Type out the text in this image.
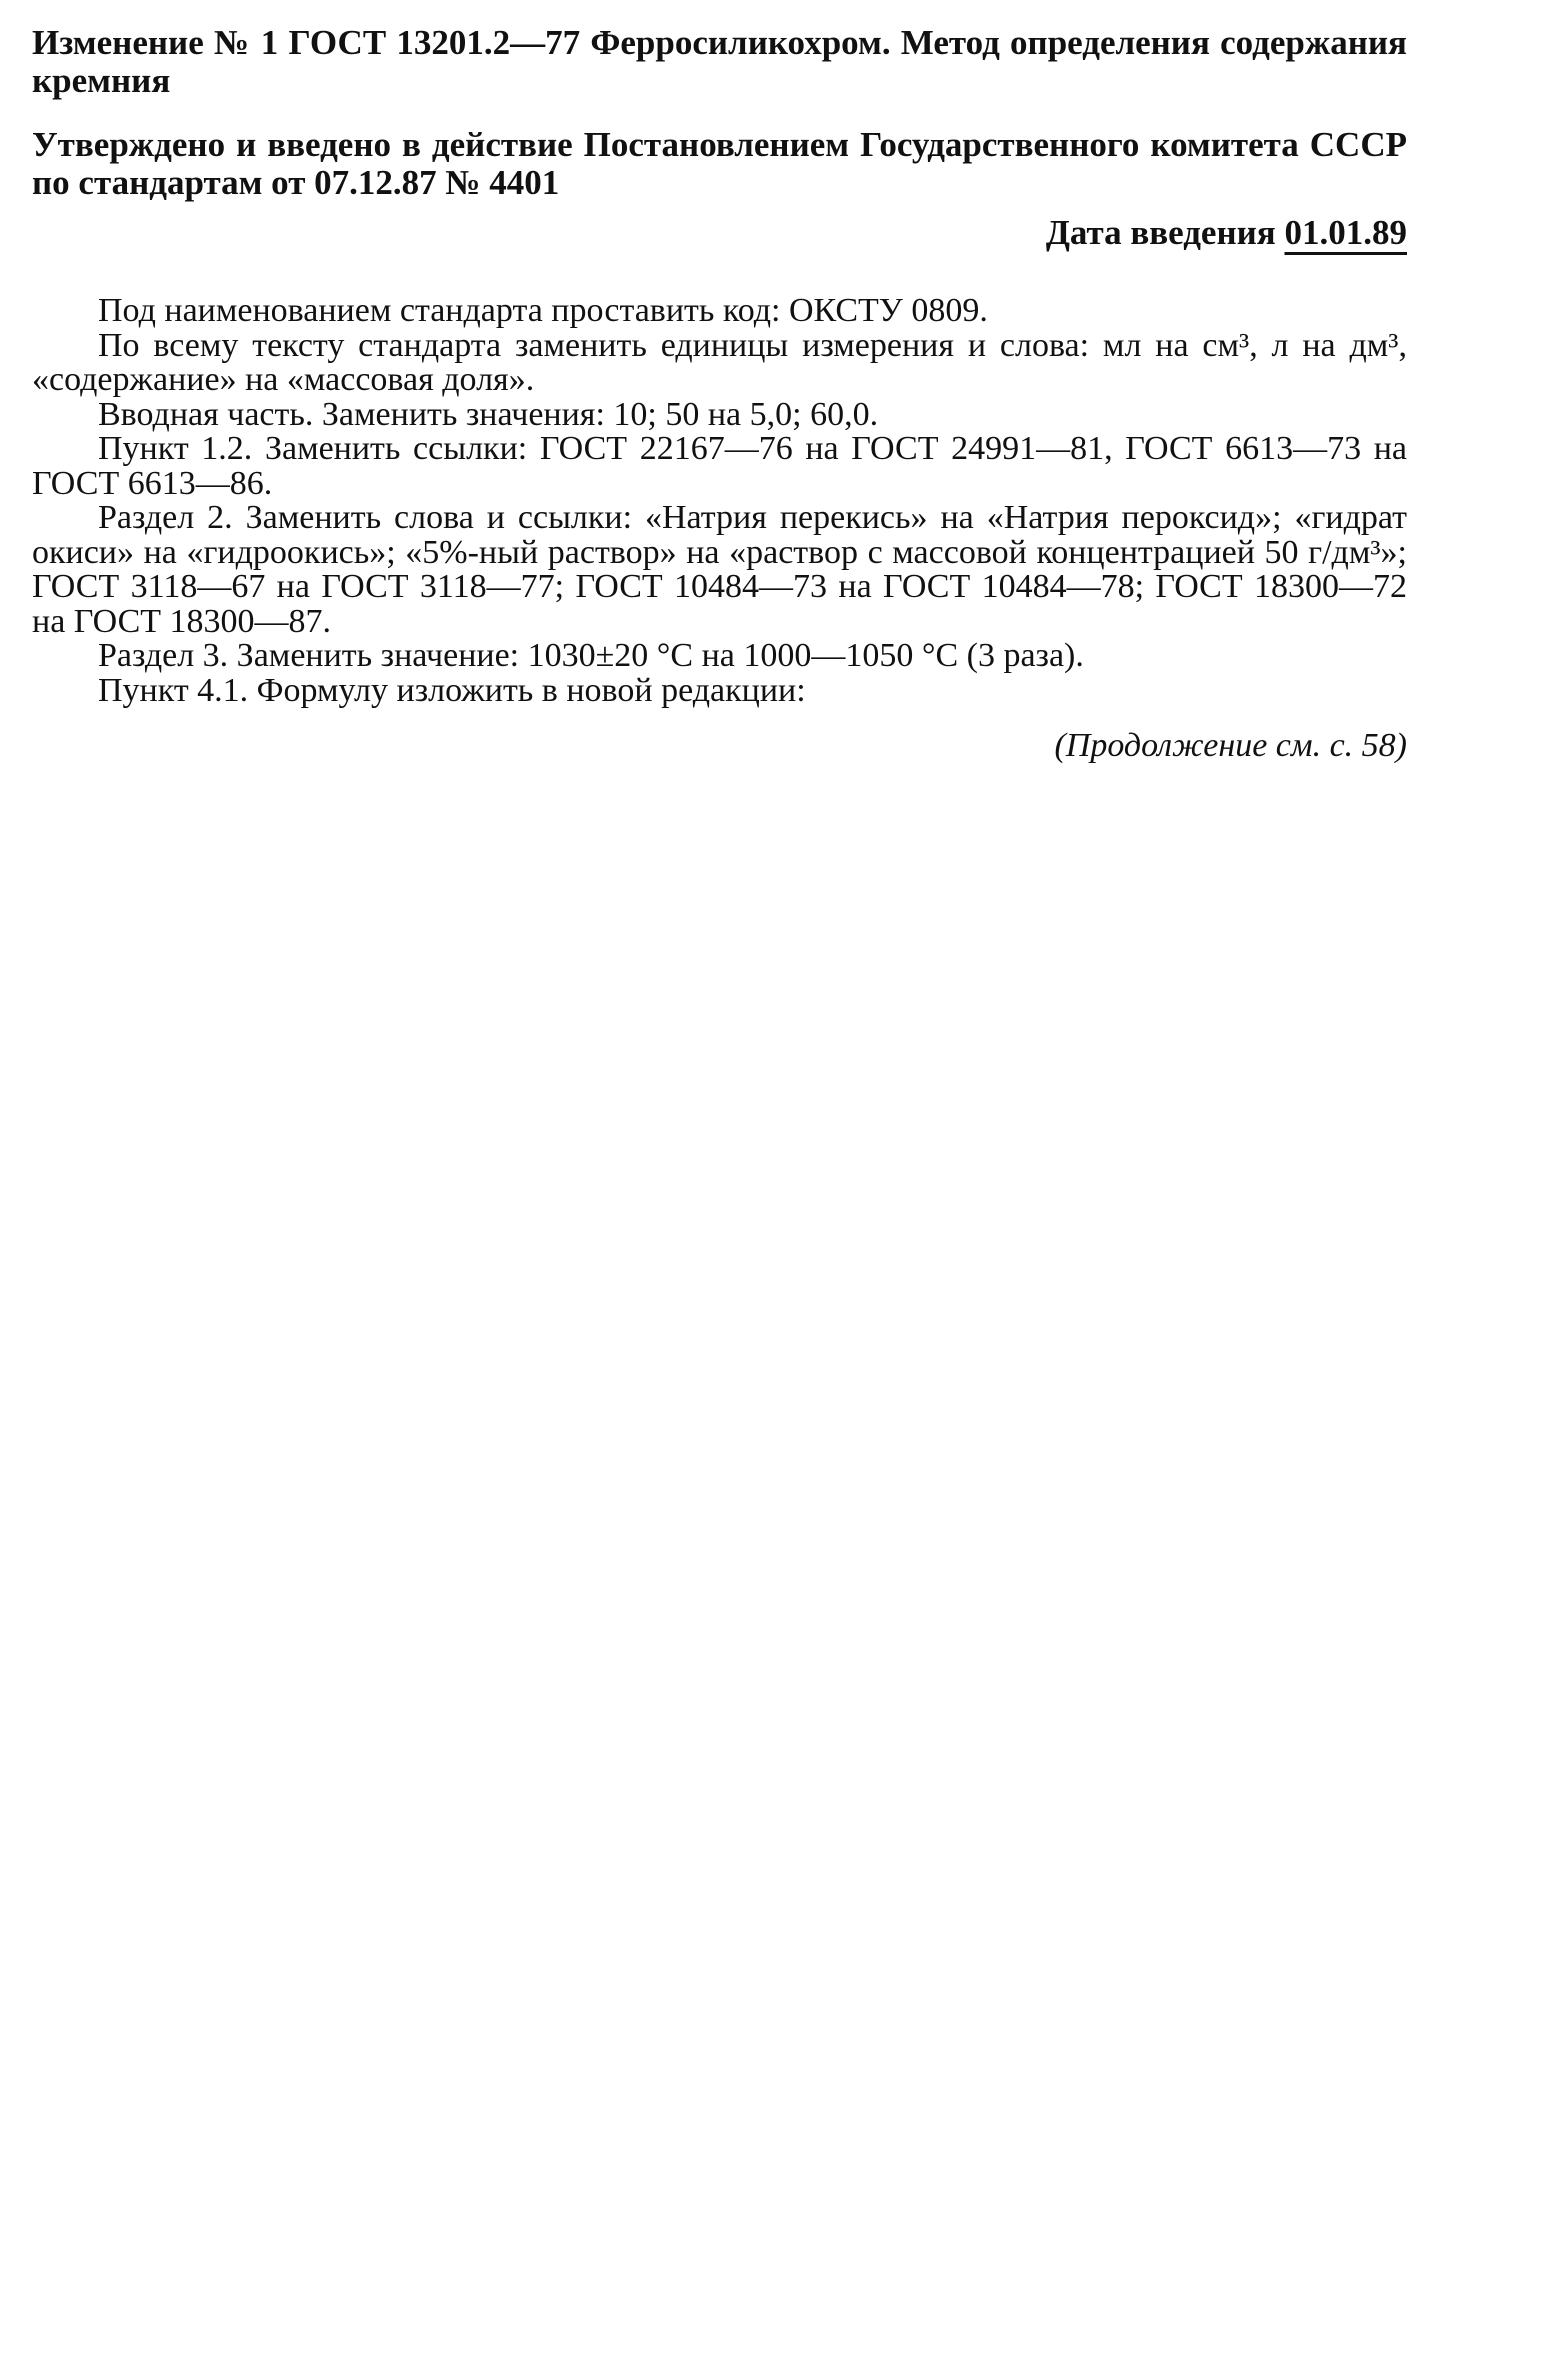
Изменение № 1 ГОСТ 13201.2—77 Ферросиликохром. Метод определения содержания кремния

Утверждено и введено в действие Постановлением Государственного комитета СССР по стандартам от 07.12.87 № 4401

Дата введения 01.01.89

Под наименованием стандарта проставить код: ОКСТУ 0809.

По всему тексту стандарта заменить единицы измерения и слова: мл на см³, л на дм³, «содержание» на «массовая доля».

Вводная часть. Заменить значения: 10; 50 на 5,0; 60,0.

Пункт 1.2. Заменить ссылки: ГОСТ 22167—76 на ГОСТ 24991—81, ГОСТ 6613—73 на ГОСТ 6613—86.

Раздел 2. Заменить слова и ссылки: «Натрия перекись» на «Натрия пероксид»; «гидрат окиси» на «гидроокись»; «5%-ный раствор» на «раствор с массовой концентрацией 50 г/дм³»; ГОСТ 3118—67 на ГОСТ 3118—77; ГОСТ 10484—73 на ГОСТ 10484—78; ГОСТ 18300—72 на ГОСТ 18300—87.

Раздел 3. Заменить значение: 1030±20 °С на 1000—1050 °С (3 раза).

Пункт 4.1. Формулу изложить в новой редакции:

(Продолжение см. с. 58)
